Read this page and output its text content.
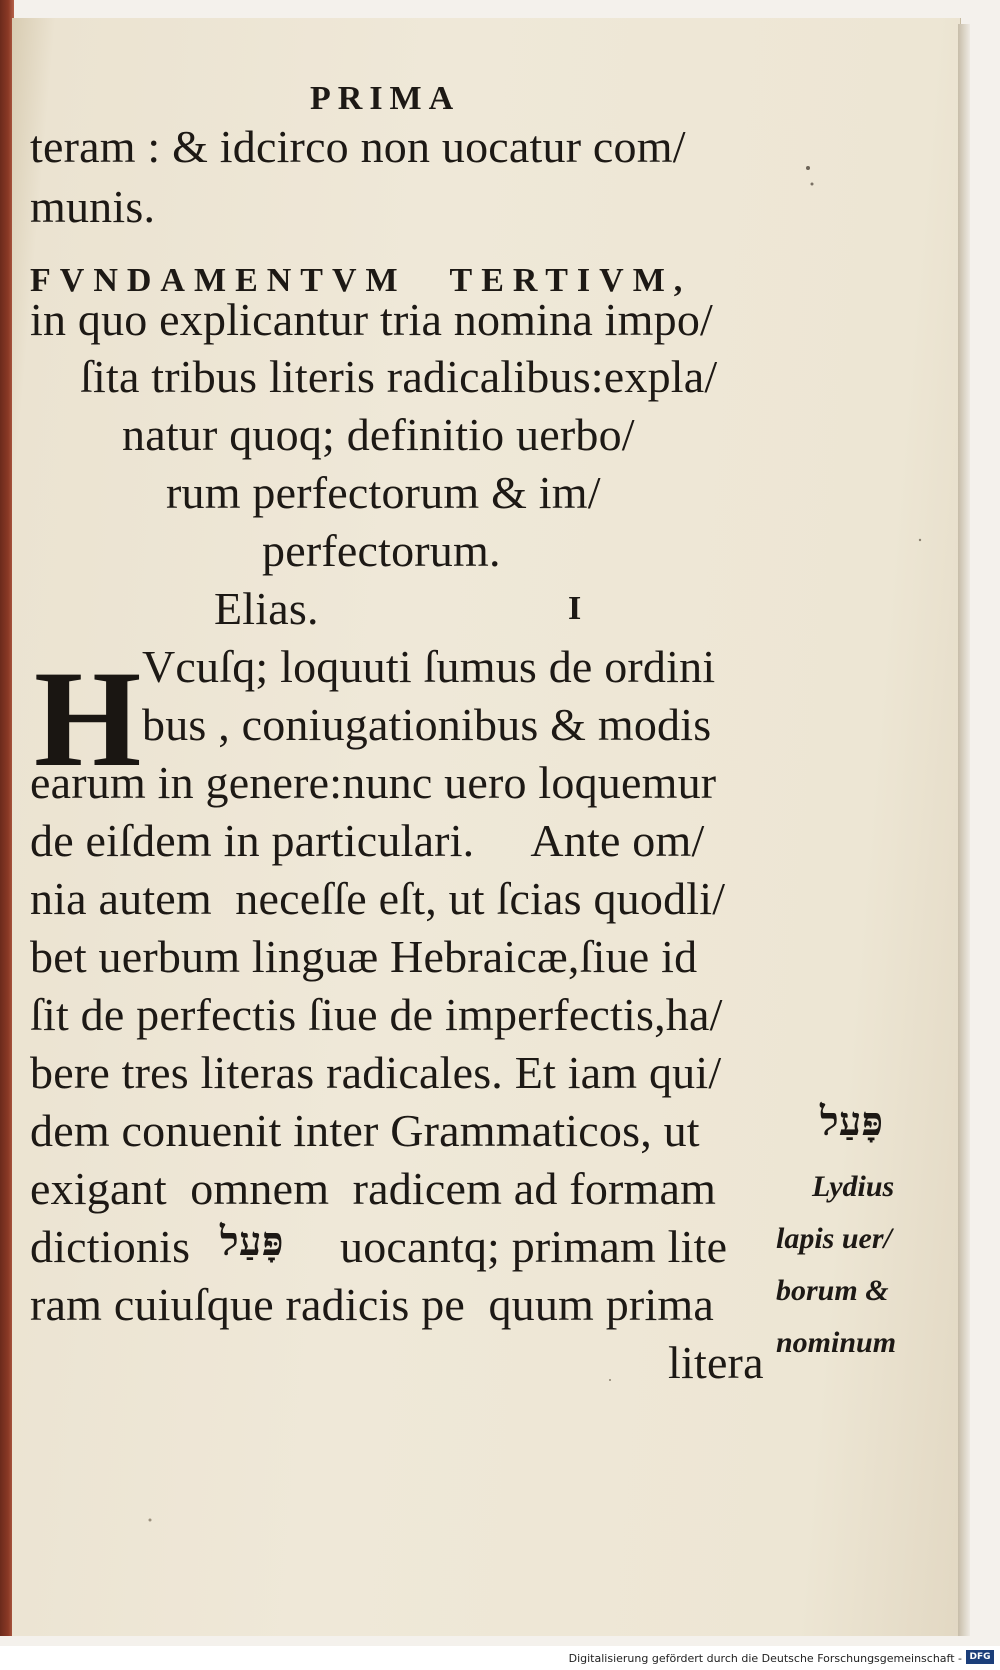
PRIMA
teram : & idcirco non uocatur com/
munis.
FVNDAMENTVM TERTIVM,
in quo explicantur tria nomina impo/
ſita tribus literis radicalibus:expla/
natur quoq; definitio uerbo/
rum perfectorum & im/
perfectorum.
Elias.	I
H Vcuſq; loquuti ſumus de ordini
bus , coniugationibus & modis
earum in genere:nunc uero loquemur
de eiſdem in particulari.     Ante om/
nia autem  neceſſe eſt, ut ſcias quodli/
bet uerbum linguæ Hebraicæ,ſiue id
ſit de perfectis ſiue de imperfectis,ha/
bere tres literas radicales. Et iam qui/
dem conuenit inter Grammaticos, ut
exigant  omnem  radicem ad formam
dictionis פָּעַל uocantq; primam lite
ram cuiuſque radicis pe  quum prima
litera
פָּעַל
Lydius
lapis uer/
borum &
nominum
Digitalisierung gefördert durch die Deutsche Forschungsgemeinschaft - DFG
